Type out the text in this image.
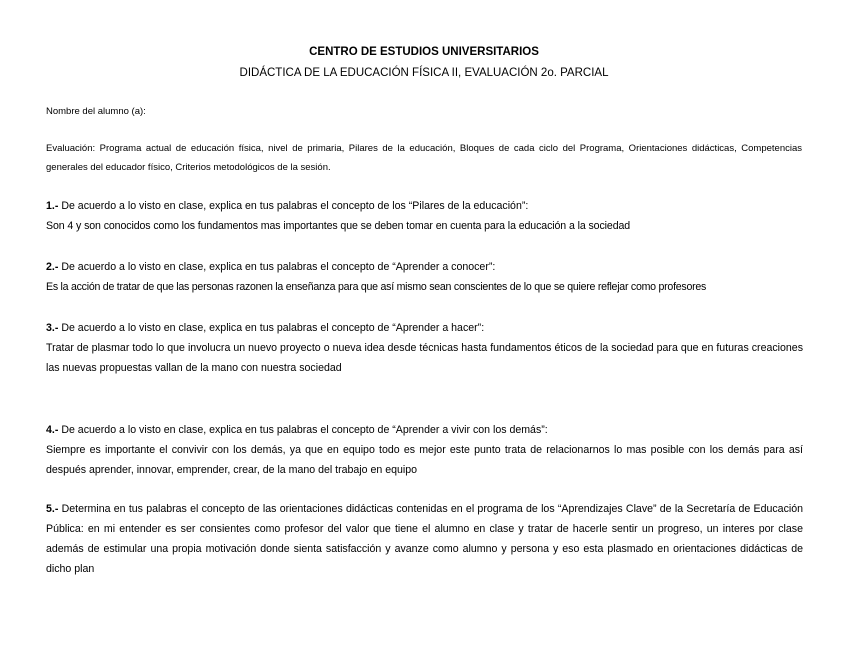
CENTRO DE ESTUDIOS UNIVERSITARIOS
DIDÁCTICA DE LA EDUCACIÓN FÍSICA II, EVALUACIÓN 2o. PARCIAL
Nombre del alumno (a):
Evaluación: Programa actual de educación física, nivel de primaria, Pilares de la educación, Bloques de cada ciclo del Programa, Orientaciones didácticas, Competencias generales del educador físico, Criterios metodológicos de la sesión.
1.- De acuerdo a lo visto en clase, explica en tus palabras el concepto de los “Pilares de la educación”:
Son 4 y son conocidos como los fundamentos mas importantes que se deben tomar en cuenta para la educación a la sociedad
2.- De acuerdo a lo visto en clase, explica en tus palabras el concepto de “Aprender a conocer”:
Es la acción de tratar de que las personas razonen la enseñanza para que así mismo sean conscientes de lo que se quiere reflejar como profesores
3.- De acuerdo a lo visto en clase, explica en tus palabras el concepto de “Aprender a hacer”:
Tratar de plasmar todo lo que involucra un nuevo proyecto o nueva idea desde técnicas hasta fundamentos éticos de la sociedad para que en futuras creaciones las nuevas propuestas vallan de la mano con nuestra sociedad
4.- De acuerdo a lo visto en clase, explica en tus palabras el concepto de “Aprender a vivir con los demás”:
Siempre es importante el convivir con los demás, ya que en equipo todo es mejor este punto trata de relacionarnos lo mas posible con los demás para así después aprender, innovar, emprender, crear, de la mano del trabajo en equipo
5.- Determina en tus palabras el concepto de las orientaciones didácticas contenidas en el programa de los “Aprendizajes Clave” de la Secretaría de Educación Pública: en mi entender es ser consientes como profesor del valor que tiene el alumno en clase y tratar de hacerle sentir un progreso, un interes por clase además de estimular una propia motivación donde sienta satisfacción y avanze como alumno y persona y eso esta plasmado en orientaciones didácticas de dicho plan
